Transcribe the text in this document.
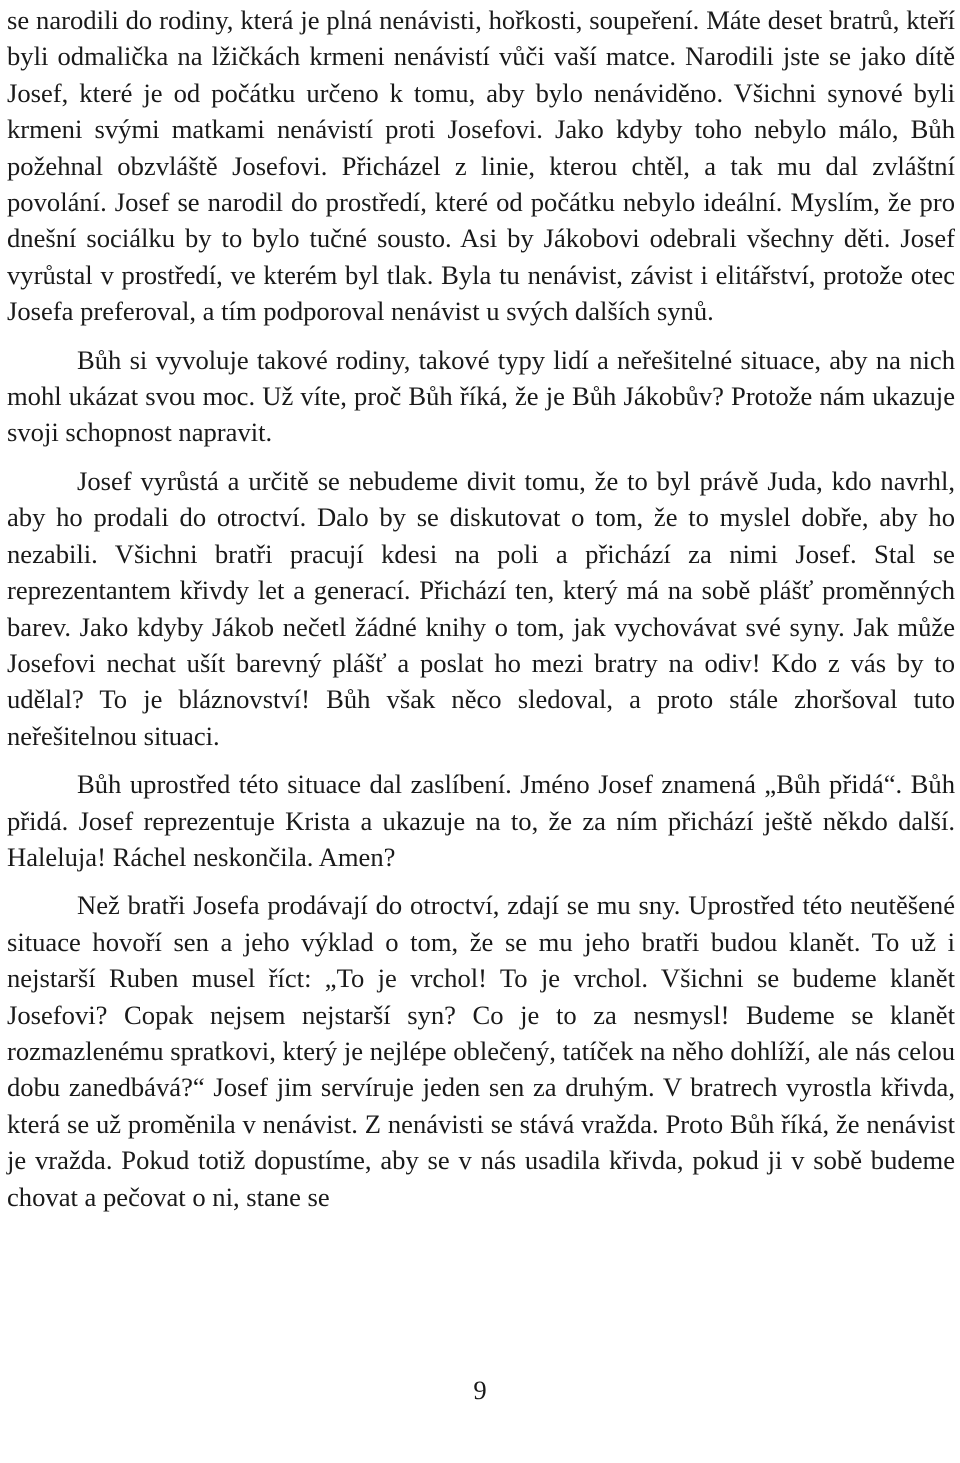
se narodili do rodiny, která je plná nenávisti, hořkosti, soupeření. Máte deset bratrů, kteří byli odmalička na lžičkách krmeni nenávistí vůči vaší matce. Narodili jste se jako dítě Josef, které je od počátku určeno k tomu, aby bylo nenáviděno. Všichni synové byli krmeni svými matkami nenávistí proti Josefovi. Jako kdyby toho nebylo málo, Bůh požehnal obzvláště Josefovi. Přicházel z linie, kterou chtěl, a tak mu dal zvláštní povolání. Josef se narodil do prostředí, které od počátku nebylo ideální. Myslím, že pro dnešní sociálku by to bylo tučné sousto. Asi by Jákobovi odebrali všechny děti. Josef vyrůstal v prostředí, ve kterém byl tlak. Byla tu nenávist, závist i elitářství, protože otec Josefa preferoval, a tím podporoval nenávist u svých dalších synů.

Bůh si vyvoluje takové rodiny, takové typy lidí a neřešitelné situace, aby na nich mohl ukázat svou moc. Už víte, proč Bůh říká, že je Bůh Jákobův? Protože nám ukazuje svoji schopnost napravit.

Josef vyrůstá a určitě se nebudeme divit tomu, že to byl právě Juda, kdo navrhl, aby ho prodali do otroctví. Dalo by se diskutovat o tom, že to myslel dobře, aby ho nezabili. Všichni bratři pracují kdesi na poli a přichází za nimi Josef. Stal se reprezentantem křivdy let a generací. Přichází ten, který má na sobě plášť proměnných barev. Jako kdyby Jákob nečetl žádné knihy o tom, jak vychovávat své syny. Jak může Josefovi nechat ušít barevný plášť a poslat ho mezi bratry na odiv! Kdo z vás by to udělal? To je bláznovství! Bůh však něco sledoval, a proto stále zhoršoval tuto neřešitelnou situaci.

Bůh uprostřed této situace dal zaslíbení. Jméno Josef znamená „Bůh přidá“. Bůh přidá. Josef reprezentuje Krista a ukazuje na to, že za ním přichází ještě někdo další. Haleluja! Ráchel neskončila. Amen?

Než bratři Josefa prodávají do otroctví, zdají se mu sny. Uprostřed této neutěšené situace hovoří sen a jeho výklad o tom, že se mu jeho bratři budou klanět. To už i nejstarší Ruben musel říct: „To je vrchol! To je vrchol. Všichni se budeme klanět Josefovi? Copak nejsem nejstarší syn? Co je to za nesmysl! Budeme se klanět rozmazlenému spratkovi, který je nejlépe oblečený, tatíček na něho dohlíží, ale nás celou dobu zanedbává?“ Josef jim servíruje jeden sen za druhým. V bratrech vyrostla křivda, která se už proměnila v nenávist. Z nenávisti se stává vražda. Proto Bůh říká, že nenávist je vražda. Pokud totiž dopustíme, aby se v nás usadila křivda, pokud ji v sobě budeme chovat a pečovat o ni, stane se

9
